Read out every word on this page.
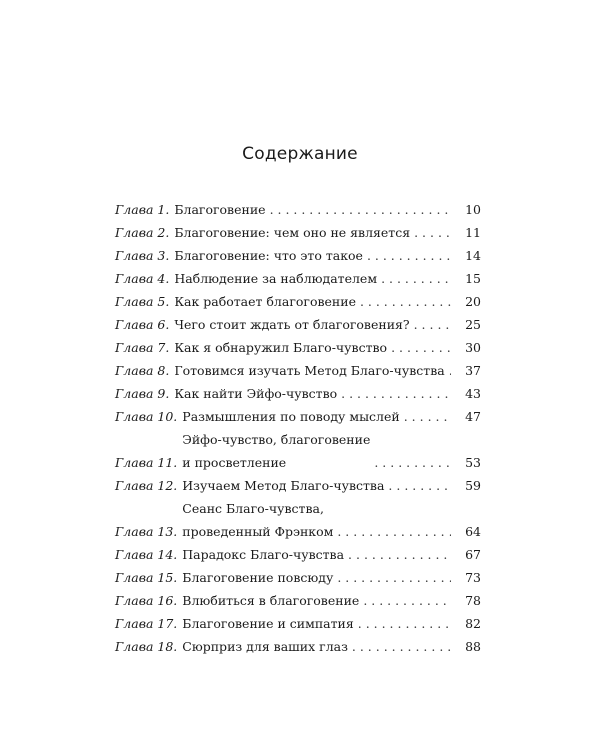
Содержание
Глава 1. Благоговение . . .	10
Глава 2. Благоговение: чем оно не является . . .	11
Глава 3. Благоговение: что это такое . . .	14
Глава 4. Наблюдение за наблюдателем . . .	15
Глава 5. Как работает благоговение . . .	20
Глава 6. Чего стоит ждать от благоговения? . . .	25
Глава 7. Как я обнаружил Благо-чувство . . .	30
Глава 8. Готовимся изучать Метод Благо-чувства . . .	37
Глава 9. Как найти Эйфо-чувство . . .	43
Глава 10. Размышления по поводу мыслей . . .	47
Глава 11.
Эйфо-чувство, благоговение
и просветление . . .	53
Глава 12. Изучаем Метод Благо-чувства . . .	59
Глава 13.
Сеанс Благо-чувства,
проведенный Фрэнком . . .	64
Глава 14. Парадокс Благо-чувства . . .	67
Глава 15. Благоговение повсюду . . .	73
Глава 16. Влюбиться в благоговение . . .	78
Глава 17. Благоговение и симпатия . . .	82
Глава 18. Сюрприз для ваших глаз . . .	88
